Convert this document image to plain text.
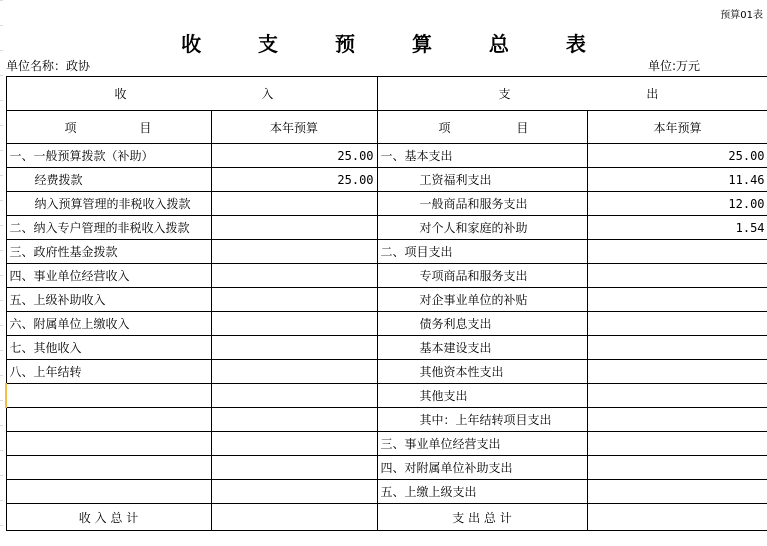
预算01表
收 支 预 算 总 表
单位名称：政协	单位:万元
收 入		支 出	
项 目	本年预算	项 目	本年预算
一、一般预算拨款（补助）	25.00	一、基本支出	25.00
经费拨款	25.00	工资福利支出	11.46
纳入预算管理的非税收入拨款		一般商品和服务支出	12.00
二、纳入专户管理的非税收入拨款		对个人和家庭的补助	1.54
三、政府性基金拨款		二、项目支出	
四、事业单位经营收入		专项商品和服务支出	
五、上级补助收入		对企事业单位的补贴	
六、附属单位上缴收入		债务利息支出	
七、其他收入		基本建设支出	
八、上年结转		其他资本性支出	
		其他支出	
		其中：上年结转项目支出	
		三、事业单位经营支出	
		四、对附属单位补助支出	
		五、上缴上级支出	
收 入 总 计		支 出 总 计	
